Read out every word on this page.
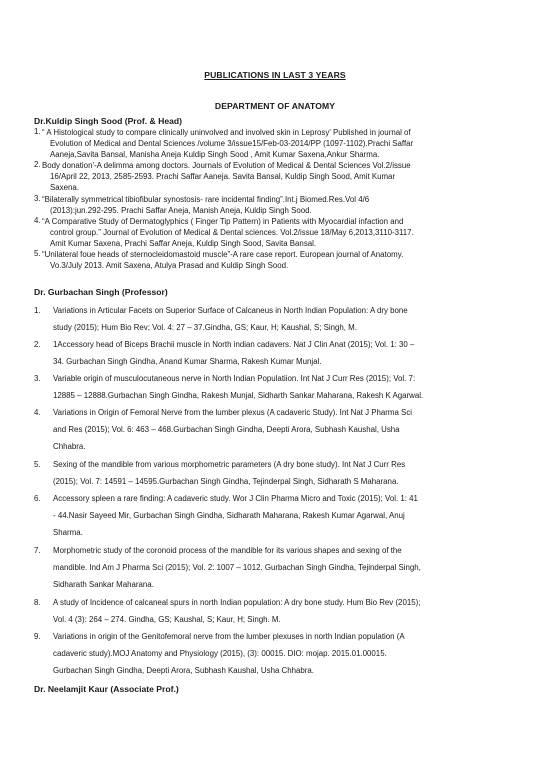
PUBLICATIONS IN LAST 3 YEARS
DEPARTMENT OF ANATOMY
Dr.Kuldip Singh Sood (Prof. & Head)
1. “ A Histological study to compare clinically uninvolved and involved skin in Leprosy' Published in journal of
Evolution of Medical and Dental Sciences /volume 3/issue15/Feb-03-2014/PP (1097-1102).Prachi Saffar
Aaneja,Savita Bansal, Manisha Aneja Kuldip Singh Sood , Amit Kumar Saxena,Ankur Sharma.
2. Body donation'-A delimma among doctors. Journals of Evolution of Medical & Dental Sciences Vol.2/issue
16/April 22, 2013, 2585-2593. Prachi Saffar Aaneja. Savita Bansal, Kuldip Singh Sood, Amit Kumar
Saxena.
3. “Bilaterally symmetrical tibiofibular synostosis- rare incidental finding”.Int.j Biomed.Res.Vol 4/6
(2013):jun.292-295. Prachi Saffar Aneja, Manish Aneja, Kuldip Singh Sood.
4. “A Comparative Study of Dermatoglyphics ( Finger Tip Pattern) in Patients with Myocardial infaction and
control group.” Journal of Evolution of Medical & Dental sciences. Vol.2/issue 18/May 6,2013,3110-3117.
Amit Kumar Saxena, Prachi Saffar Aneja, Kuldip Singh Sood, Savita Bansal.
5. “Unilateral foue heads of sternocleidomastoid muscle”-A rare case report. European journal of Anatomy.
Vo.3/July 2013. Amit Saxena, Atulya Prasad and Kuldip Singh Sood.
Dr. Gurbachan Singh (Professor)
1. Variations in Articular Facets on Superior Surface of Calcaneus in North Indian Population: A dry bone
study (2015); Hum Bio Rev; Vol. 4: 27 – 37.Gindha, GS; Kaur, H; Kaushal, S; Singh, M.
2. 1Accessory head of Biceps Brachii muscle in North indian cadavers. Nat J Clin Anat (2015); Vol. 1: 30 –
34. Gurbachan Singh Gindha, Anand Kumar Sharma, Rakesh Kumar Munjal.
3. Variable origin of musculocutaneous nerve in North Indian Populatiion. Int Nat J Curr Res (2015); Vol. 7:
12885 – 12888.Gurbachan Singh Gindha, Rakesh Munjal, Sidharth Sankar Maharana, Rakesh K Agarwal.
4. Variations in Origin of Femoral Nerve from the lumber plexus (A cadaveric Study). Int Nat J Pharma Sci
and Res (2015); Vol. 6: 463 – 468.Gurbachan Singh Gindha, Deepti Arora, Subhash Kaushal, Usha
Chhabra.
5. Sexing of the mandible from various morphometric parameters (A dry bone study). Int Nat J Curr Res
(2015); Vol. 7: 14591 – 14595.Gurbachan Singh Gindha, Tejinderpal Singh, Sidharath S Maharana.
6. Accessory spleen a rare finding: A cadaveric study. Wor J Clin Pharma Micro and Toxic (2015); Vol. 1: 41
- 44.Nasir Sayeed Mir, Gurbachan Singh Gindha, Sidharath Maharana, Rakesh Kumar Agarwal, Anuj
Sharma.
7. Morphometric study of the coronoid process of the mandible for its various shapes and sexing of the
mandible. Ind Am J Pharma Sci (2015); Vol. 2: 1007 – 1012. Gurbachan Singh Gindha, Tejinderpal Singh,
Sidharath Sankar Maharana.
8. A study of Incidence of calcaneal spurs in north Indian population: A dry bone study. Hum Bio Rev (2015);
Vol. 4 (3): 264 – 274. Gindha, GS; Kaushal, S; Kaur, H; Singh. M.
9. Variations in origin of the Genitofemoral nerve from the lumber plexuses in north Indian population (A
cadaveric study).MOJ Anatomy and Physiology (2015), (3): 00015. DIO: mojap. 2015.01.00015.
Gurbachan Singh Gindha, Deepti Arora, Subhash Kaushal, Usha Chhabra.
Dr. Neelamjit Kaur (Associate Prof.)
